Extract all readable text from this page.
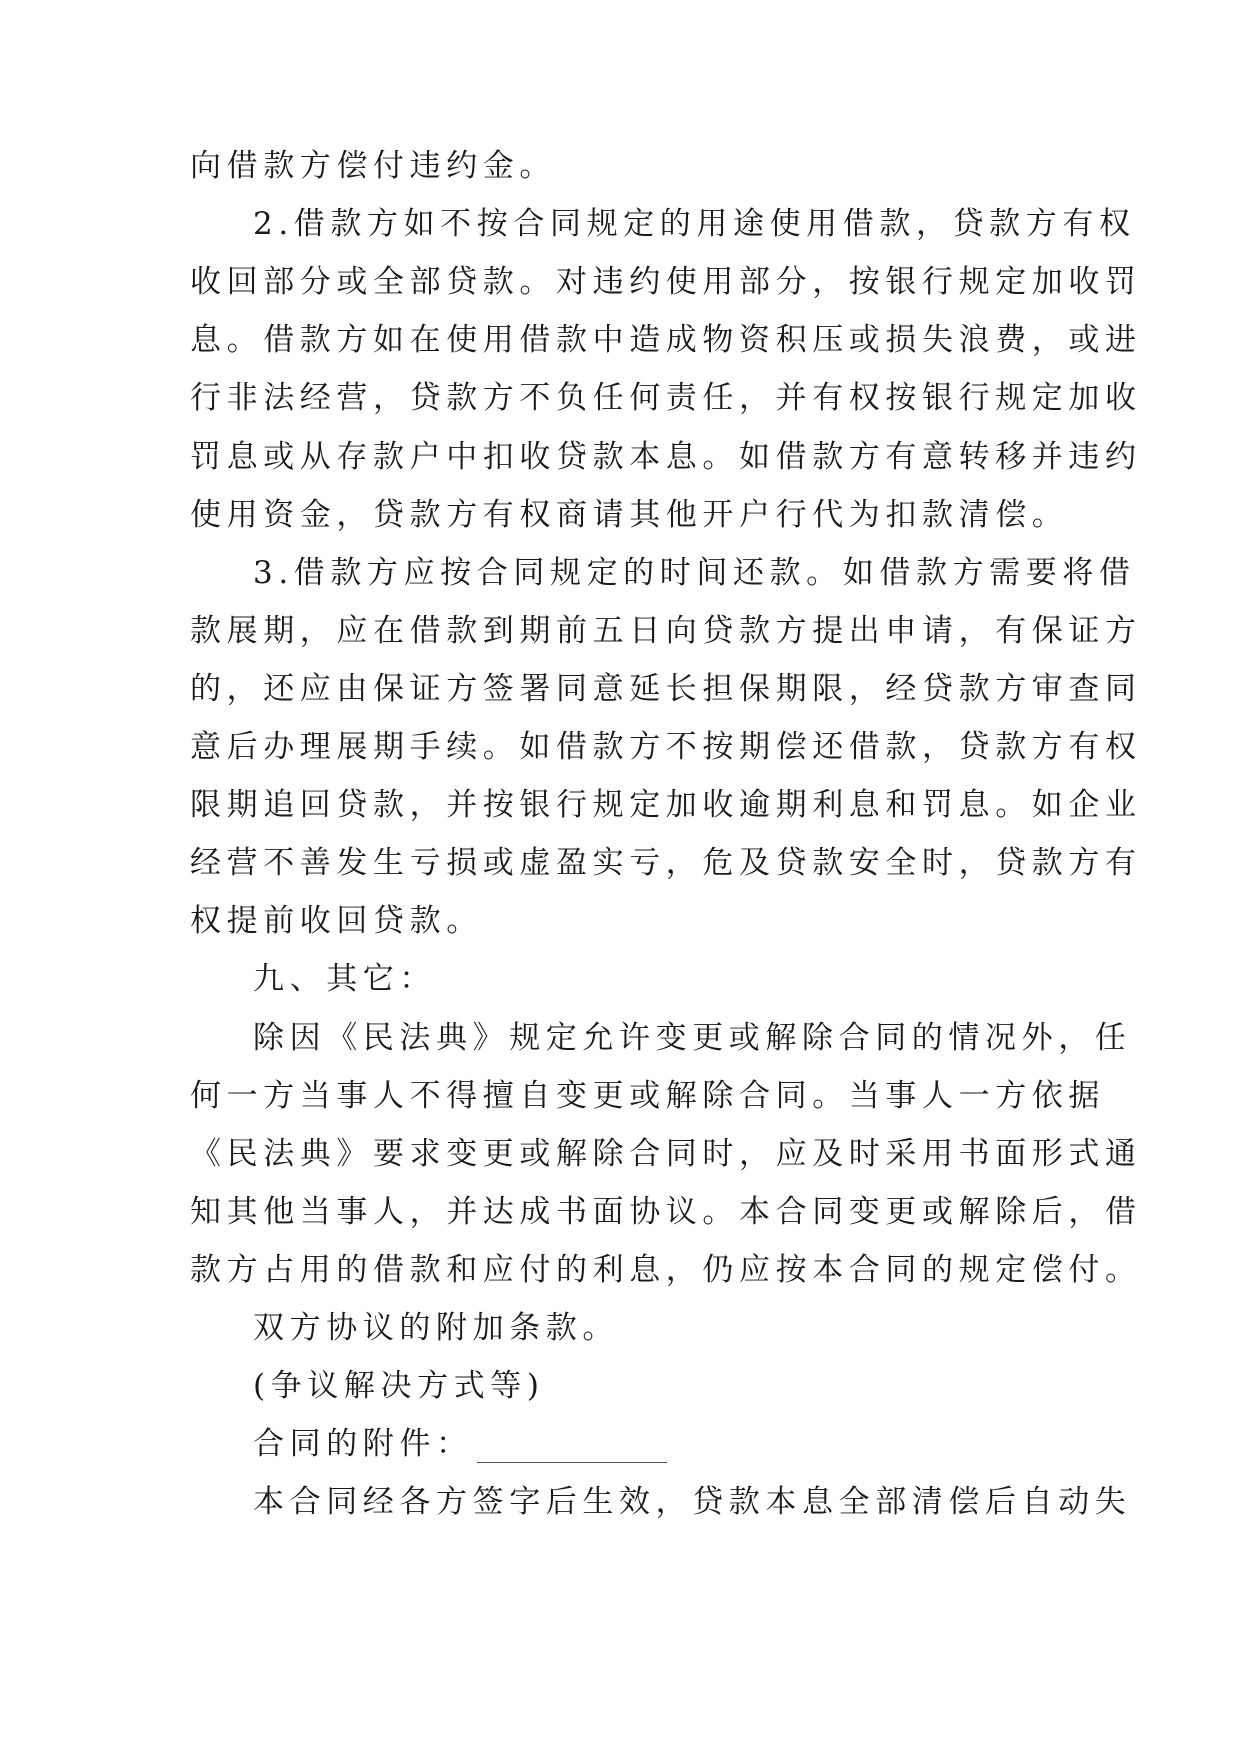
向借款方偿付违约金。
2.借款方如不按合同规定的用途使用借款，贷款方有权
收回部分或全部贷款。对违约使用部分，按银行规定加收罚
息。借款方如在使用借款中造成物资积压或损失浪费，或进
行非法经营，贷款方不负任何责任，并有权按银行规定加收
罚息或从存款户中扣收贷款本息。如借款方有意转移并违约
使用资金，贷款方有权商请其他开户行代为扣款清偿。
3.借款方应按合同规定的时间还款。如借款方需要将借
款展期，应在借款到期前五日向贷款方提出申请，有保证方
的，还应由保证方签署同意延长担保期限，经贷款方审查同
意后办理展期手续。如借款方不按期偿还借款，贷款方有权
限期追回贷款，并按银行规定加收逾期利息和罚息。如企业
经营不善发生亏损或虚盈实亏，危及贷款安全时，贷款方有
权提前收回贷款。
九、其它：
除因《民法典》规定允许变更或解除合同的情况外，任
何一方当事人不得擅自变更或解除合同。当事人一方依据
《民法典》要求变更或解除合同时，应及时采用书面形式通
知其他当事人，并达成书面协议。本合同变更或解除后，借
款方占用的借款和应付的利息，仍应按本合同的规定偿付。
双方协议的附加条款。
(争议解决方式等)
合同的附件：
本合同经各方签字后生效，贷款本息全部清偿后自动失
